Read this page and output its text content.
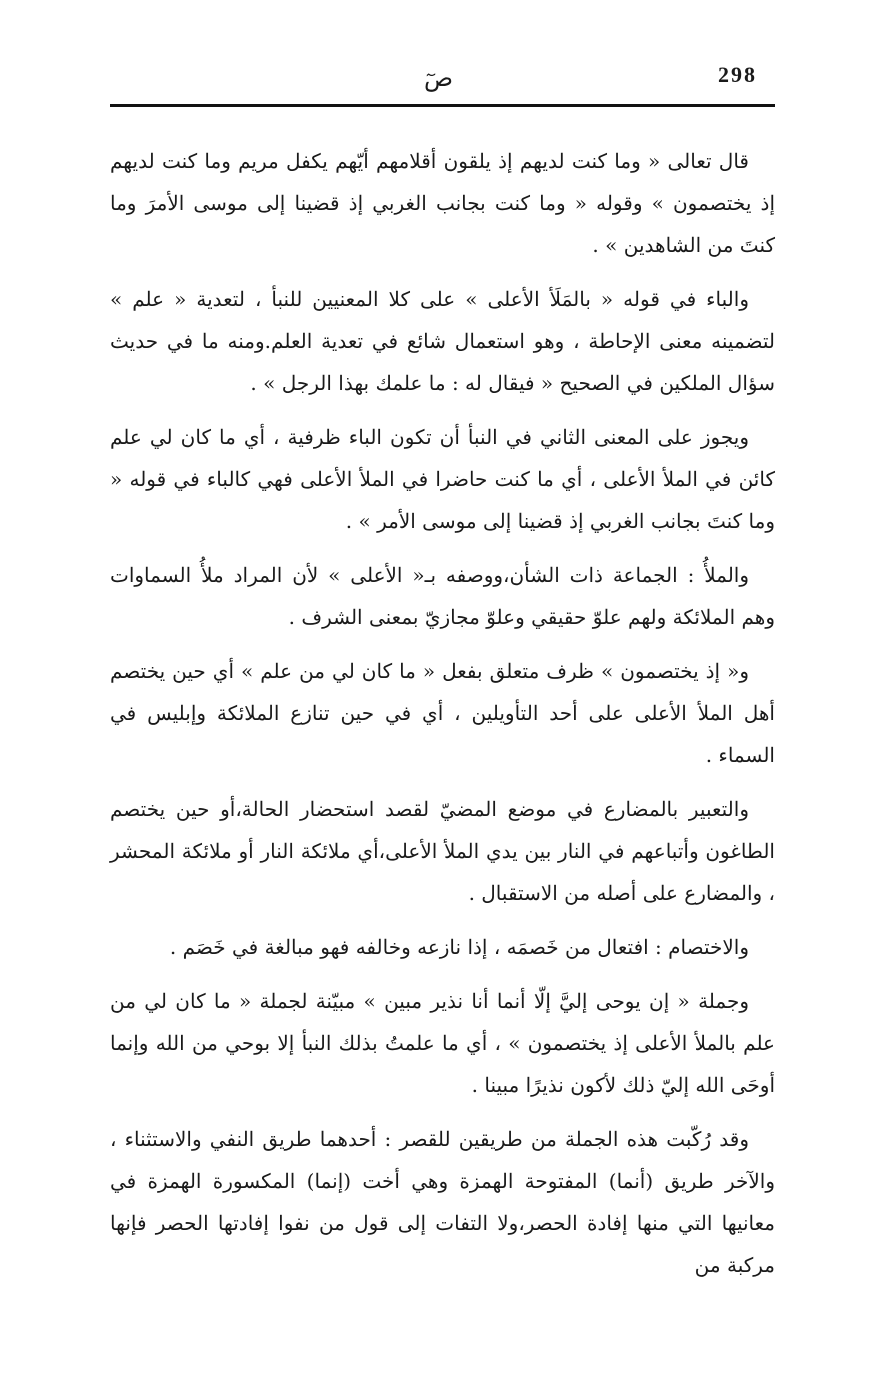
298
صٓ

قال تعالى « وما كنت لديهم إذ يلقون أقلامهم أيّهم يكفل مريم وما كنت لديهم إذ يختصمون » وقوله « وما كنت بجانب الغربي إذ قضينا إلى موسى الأمرَ وما كنتَ من الشاهدين » .

والباء في قوله « بالمَلَأ الأعلى » على كلا المعنيين للنبأ ، لتعدية « علم » لتضمينه معنى الإحاطة ، وهو استعمال شائع في تعدية العلم.ومنه ما في حديث سؤال الملكين في الصحيح « فيقال له : ما علمك بهذا الرجل » .

ويجوز على المعنى الثاني في النبأ أن تكون الباء ظرفية ، أي ما كان لي علم كائن في الملأ الأعلى ، أي ما كنت حاضرا في الملأ الأعلى فهي كالباء في قوله « وما كنتَ بجانب الغربي إذ قضينا إلى موسى الأمر » .

والملأُ : الجماعة ذات الشأن،ووصفه بـ« الأعلى » لأن المراد ملأُ السماوات وهم الملائكة ولهم علوّ حقيقي وعلوّ مجازيّ بمعنى الشرف .

و« إذ يختصمون » ظرف متعلق بفعل « ما كان لي من علم » أي حين يختصم أهل الملأ الأعلى على أحد التأويلين ، أي في حين تنازع الملائكة وإبليس في السماء .

والتعبير بالمضارع في موضع المضيّ لقصد استحضار الحالة،أو حين يختصم الطاغون وأتباعهم في النار بين يدي الملأ الأعلى،أي ملائكة النار أو ملائكة المحشر ، والمضارع على أصله من الاستقبال .

والاختصام : افتعال من خَصمَه ، إذا نازعه وخالفه فهو مبالغة في خَصَم .

وجملة « إن يوحى إليَّ إلّا أنما أنا نذير مبين » مبيّنة لجملة « ما كان لي من علم بالملأ الأعلى إذ يختصمون » ، أي ما علمتُ بذلك النبأ إلا بوحي من الله وإنما أوحَى الله إليّ ذلك لأكون نذيرًا مبينا .

وقد رُكّبت هذه الجملة من طريقين للقصر : أحدهما طريق النفي والاستثناء ، والآخر طريق (أنما) المفتوحة الهمزة وهي أخت (إنما) المكسورة الهمزة في معانيها التي منها إفادة الحصر،ولا التفات إلى قول من نفوا إفادتها الحصر فإنها مركبة من
